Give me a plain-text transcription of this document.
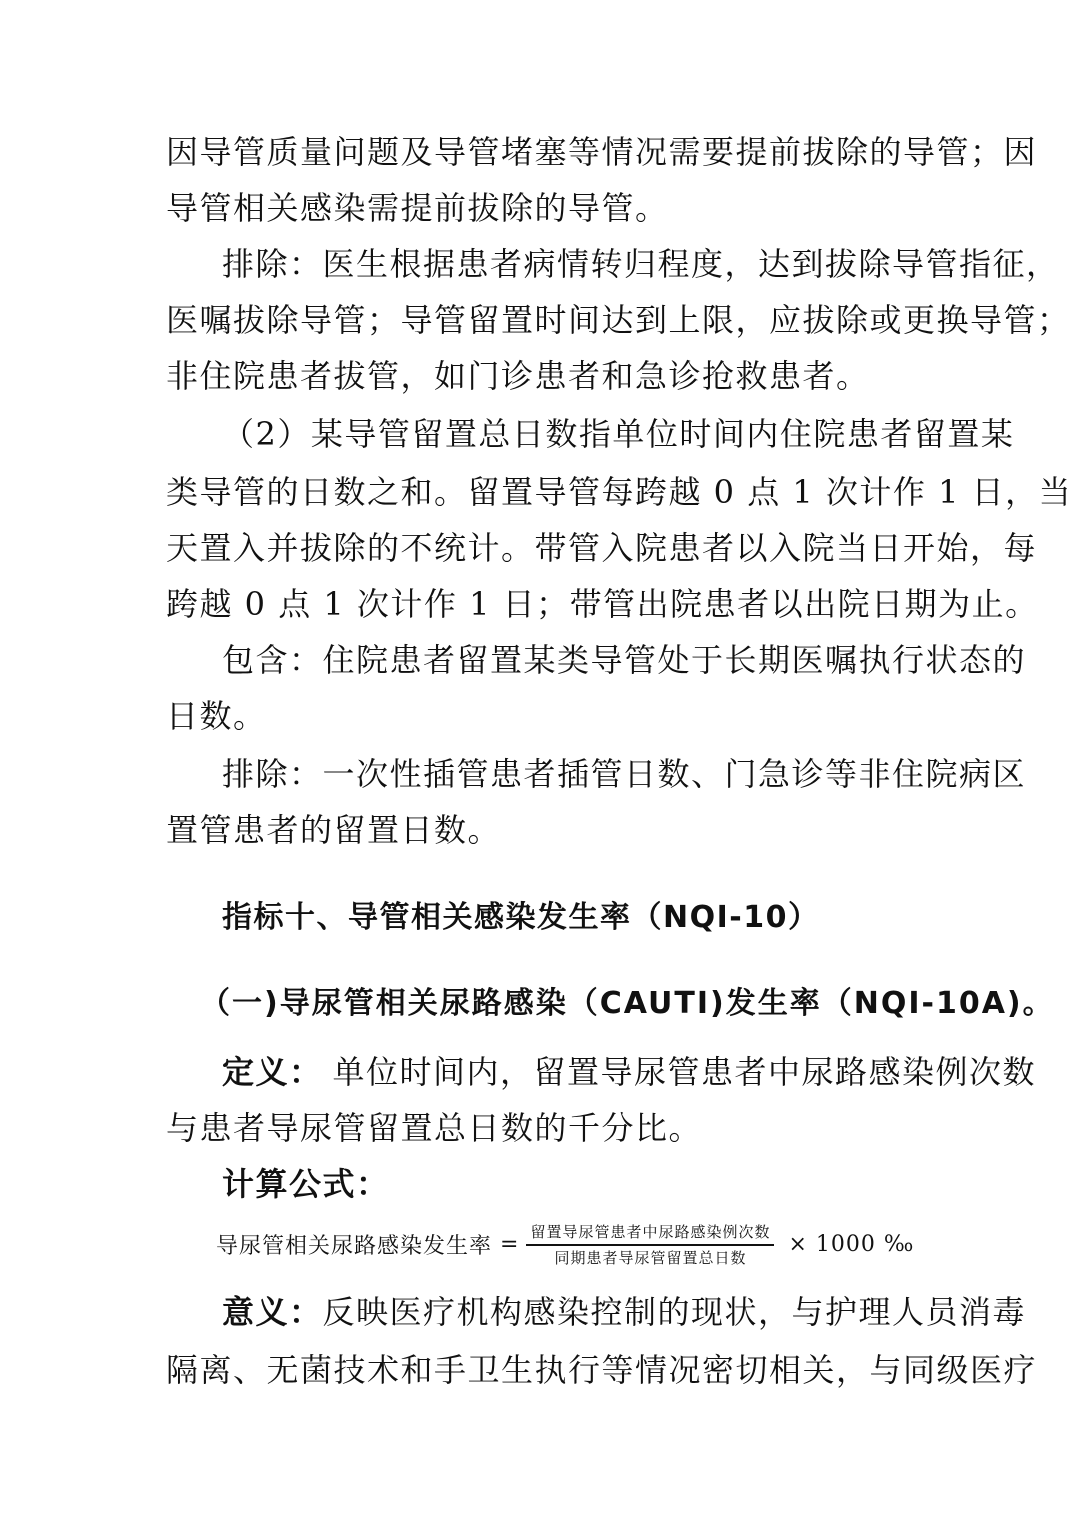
因导管质量问题及导管堵塞等情况需要提前拔除的导管；因
导管相关感染需提前拔除的导管。
排除：医生根据患者病情转归程度，达到拔除导管指征，
医嘱拔除导管；导管留置时间达到上限，应拔除或更换导管；
非住院患者拔管，如门诊患者和急诊抢救患者。
（2）某导管留置总日数指单位时间内住院患者留置某
类导管的日数之和。留置导管每跨越 0 点 1 次计作 1 日，当
天置入并拔除的不统计。带管入院患者以入院当日开始，每
跨越 0 点 1 次计作 1 日；带管出院患者以出院日期为止。
包含：住院患者留置某类导管处于长期医嘱执行状态的
日数。
排除：一次性插管患者插管日数、门急诊等非住院病区
置管患者的留置日数。
指标十、导管相关感染发生率（NQI-10）
（一)导尿管相关尿路感染（CAUTI)发生率（NQI-10A)。
定义： 单位时间内，留置导尿管患者中尿路感染例次数
与患者导尿管留置总日数的千分比。
计算公式：
导尿管相关尿路感染发生率 = $\frac{\text{留置导尿管患者中尿路感染例次数}}{\text{同期患者导尿管留置总日数}} \times 1000$ ‰
意义：反映医疗机构感染控制的现状，与护理人员消毒
隔离、无菌技术和手卫生执行等情况密切相关，与同级医疗
